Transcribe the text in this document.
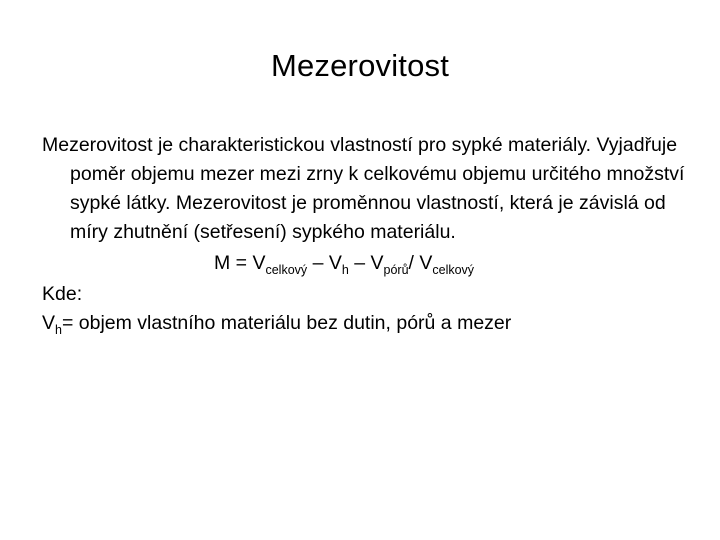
Mezerovitost

Mezerovitost je charakteristickou vlastností pro sypké materiály. Vyjadřuje poměr objemu mezer mezi zrny k celkovému objemu určitého množství sypké látky. Mezerovitost je proměnnou vlastností, která je závislá od míry zhutnění (setřesení) sypkého materiálu.

$M = V_{celkový} - V_h - V_{pórů}/$ $V_{celkový}$

Kde:

$V_h=$ objem vlastního materiálu bez dutin, pórů a mezer
